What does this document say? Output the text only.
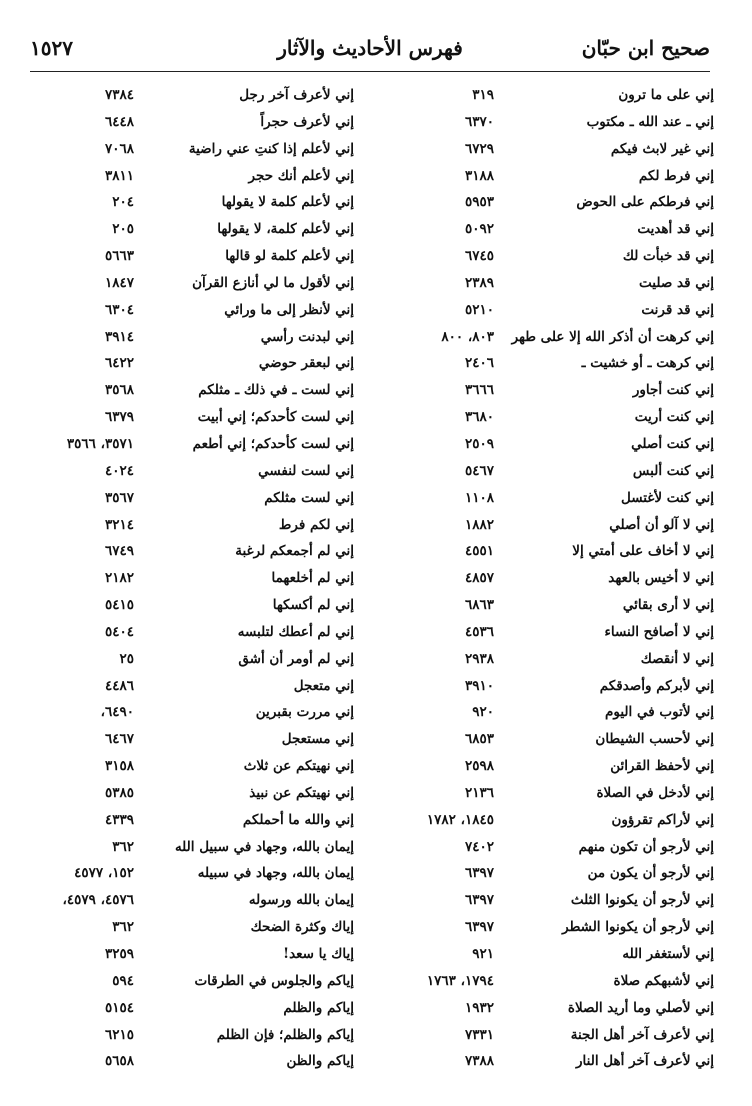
صحيح ابن حبّان
فهرس الأحاديث والآثار
١٥٢٧
إني على ما ترون
٣١٩
إني ـ عند الله ـ مكتوب
٦٣٧٠
إني غير لابث فيكم
٦٧٢٩
إني فرط لكم
٣١٨٨
إني فرطكم على الحوض
٥٩٥٣
إني قد أهديت
٥٠٩٢
إني قد خبأت لك
٦٧٤٥
إني قد صليت
٢٣٨٩
إني قد قرنت
٥٢١٠
إني كرهت أن أذكر الله إلا على طهر
٨٠٣، ٨٠٠
إني كرهت ـ أو خشيت ـ
٢٤٠٦
إني كنت أجاور
٣٦٦٦
إني كنت أريت
٣٦٨٠
إني كنت أصلي
٢٥٠٩
إني كنت ألبس
٥٤٦٧
إني كنت لأغتسل
١١٠٨
إني لا آلو أن أصلي
١٨٨٢
إني لا أخاف على أمتي إلا
٤٥٥١
إني لا أخيس بالعهد
٤٨٥٧
إني لا أرى بقائي
٦٨٦٣
إني لا أصافح النساء
٤٥٣٦
إني لا أنقصك
٢٩٣٨
إني لأبركم وأصدقكم
٣٩١٠
إني لأتوب في اليوم
٩٢٠
إني لأحسب الشيطان
٦٨٥٣
إني لأحفظ القرائن
٢٥٩٨
إني لأدخل في الصلاة
٢١٣٦
إني لأراكم تقرؤون
١٨٤٥، ١٧٨٢
إني لأرجو أن تكون منهم
٧٤٠٢
إني لأرجو أن يكون من
٦٣٩٧
إني لأرجو أن يكونوا الثلث
٦٣٩٧
إني لأرجو أن يكونوا الشطر
٦٣٩٧
إني لأستغفر الله
٩٢١
إني لأشبهكم صلاة
١٧٩٤، ١٧٦٣
إني لأصلي وما أريد الصلاة
١٩٣٢
إني لأعرف آخر أهل الجنة
٧٣٣١
إني لأعرف آخر أهل النار
٧٣٨٨
إني لأعرف آخر رجل
٧٣٨٤
إني لأعرف حجراً
٦٤٤٨
إني لأعلم إذا كنتِ عني راضية
٧٠٦٨
إني لأعلم أنك حجر
٣٨١١
إني لأعلم كلمة لا يقولها
٢٠٤
إني لأعلم كلمة، لا يقولها
٢٠٥
إني لأعلم كلمة لو قالها
٥٦٦٣
إني لأقول ما لي أنازع القرآن
١٨٤٧
إني لأنظر إلى ما ورائي
٦٣٠٤
إني لبدنت رأسي
٣٩١٤
إني لبعقر حوضي
٦٤٢٢
إني لست ـ في ذلك ـ مثلكم
٣٥٦٨
إني لست كأحدكم؛ إني أبيت
٦٣٧٩
إني لست كأحدكم؛ إني أطعم
٣٥٧١، ٣٥٦٦
إني لست لنفسي
٤٠٢٤
إني لست مثلكم
٣٥٦٧
إني لكم فرط
٣٢١٤
إني لم أجمعكم لرغبة
٦٧٤٩
إني لم أخلعهما
٢١٨٢
إني لم أكسكها
٥٤١٥
إني لم أعطك لتلبسه
٥٤٠٤
إني لم أومر أن أشق
٢٥
إني متعجل
٤٤٨٦
إني مررت بقبرين
٦٤٩٠،
إني مستعجل
٦٤٦٧
إني نهيتكم عن ثلاث
٣١٥٨
إني نهيتكم عن نبيذ
٥٣٨٥
إني والله ما أحملكم
٤٣٣٩
إيمان بالله، وجهاد في سبيل الله
٣٦٢
إيمان بالله، وجهاد في سبيله
١٥٢، ٤٥٧٧
إيمان بالله ورسوله
٤٥٧٦، ٤٥٧٩،
إياك وكثرة الضحك
٣٦٢
إياك يا سعد!
٣٢٥٩
إياكم والجلوس في الطرقات
٥٩٤
إياكم والظلم
٥١٥٤
إياكم والظلم؛ فإن الظلم
٦٢١٥
إياكم والظن
٥٦٥٨
